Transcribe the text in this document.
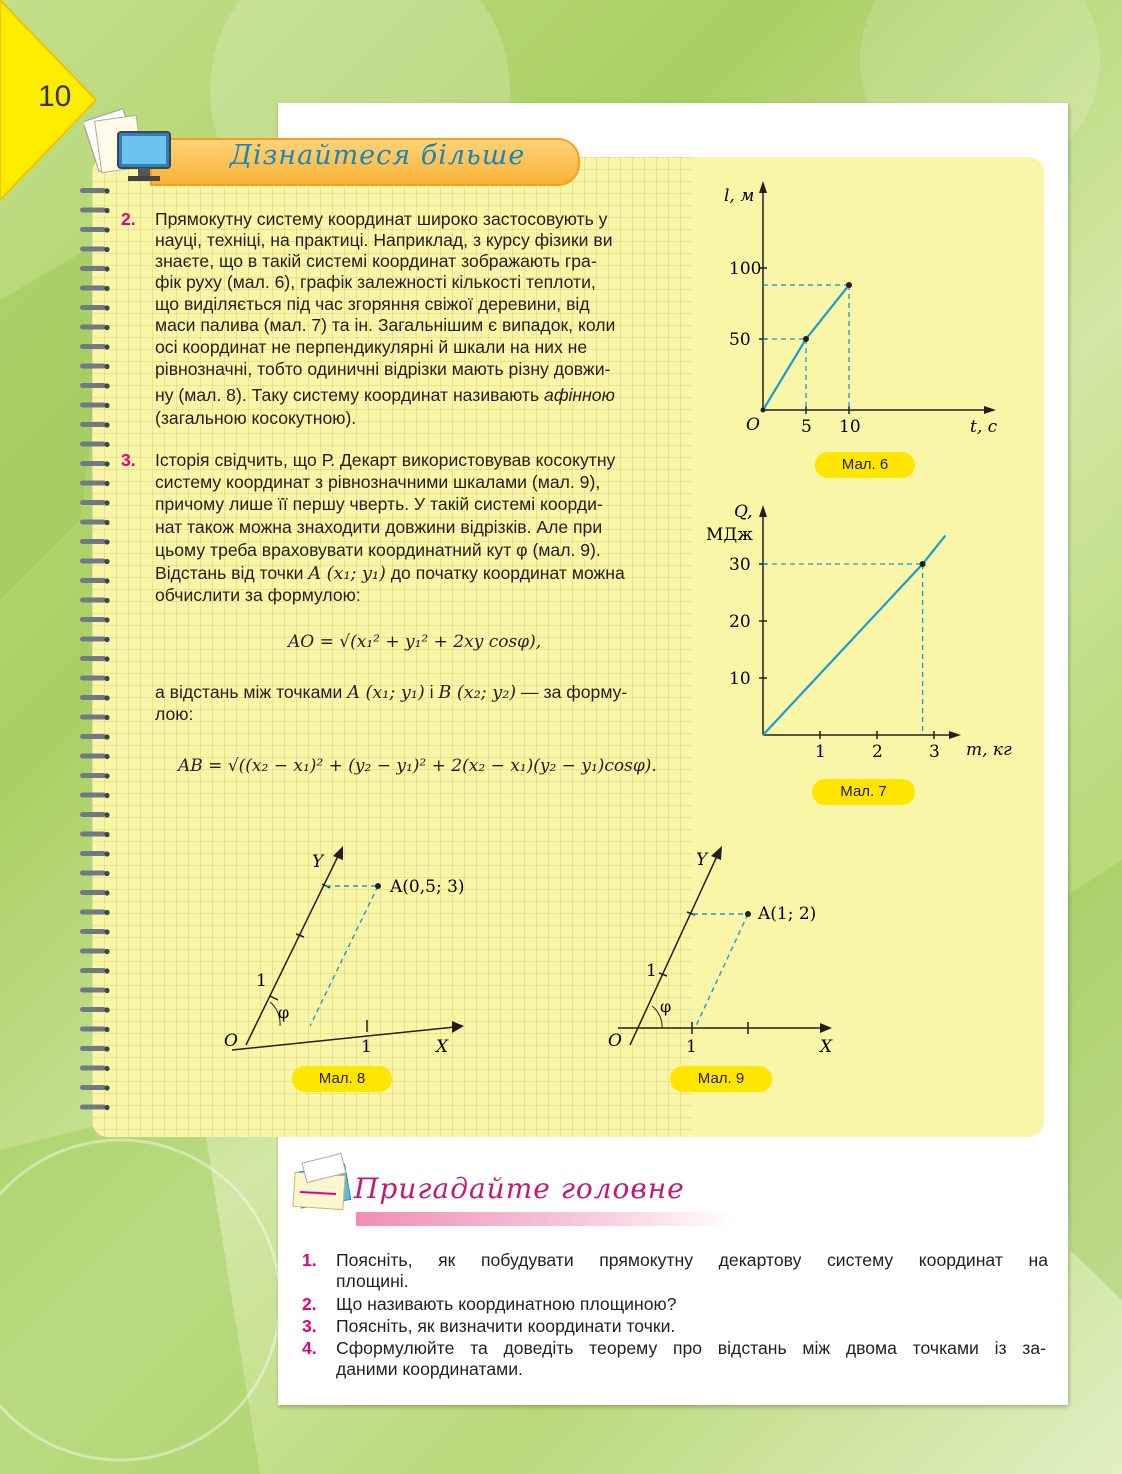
10
Дізнайтеся більше
2. Прямокутну систему координат широко застосовують у
науці, техніці, на практиці. Наприклад, з курсу фізики ви
знаєте, що в такій системі координат зображають гра-
фік руху (мал. 6), графік залежності кількості теплоти,
що виділяється під час згоряння свіжої деревини, від
маси палива (мал. 7) та ін. Загальнішим є випадок, коли
осі координат не перпендикулярні й шкали на них не
рівнозначні, тобто одиничні відрізки мають різну довжи-
ну (мал. 8). Таку систему координат називають афінною
(загальною косокутною).
3. Історія свідчить, що Р. Декарт використовував косокутну
систему координат з рівнозначними шкалами (мал. 9),
причому лише її першу чверть. У такій системі коорди-
нат також можна знаходити довжини відрізків. Але при
цьому треба враховувати координатний кут φ (мал. 9).
Відстань від точки A (x₁; y₁) до початку координат можна
обчислити за формулою:
AO = √(x₁² + y₁² + 2xy cosφ),
а відстань між точками A (x₁; y₁) і B (x₂; y₂) — за форму-
лою:
AB = √((x₂ − x₁)² + (y₂ − y₁)² + 2(x₂ − x₁)(y₂ − y₁)cosφ).
l, м
t, с
O
50
100
5 10
Мал. 6
Q,
МДж
m, кг
10
20
30
1	2	3
Мал. 7
A(0,5; 3)
Y
X
O
1
1
φ
Мал. 8
A(1; 2)
Y
X
O
1
1
φ
Мал. 9
Пригадайте головне
1. Поясніть, як побудувати прямокутну декартову систему координат на
площині.
2. Що називають координатною площиною?
3. Поясніть, як визначити координати точки.
4. Сформулюйте та доведіть теорему про відстань між двома точками із за-
даними координатами.
